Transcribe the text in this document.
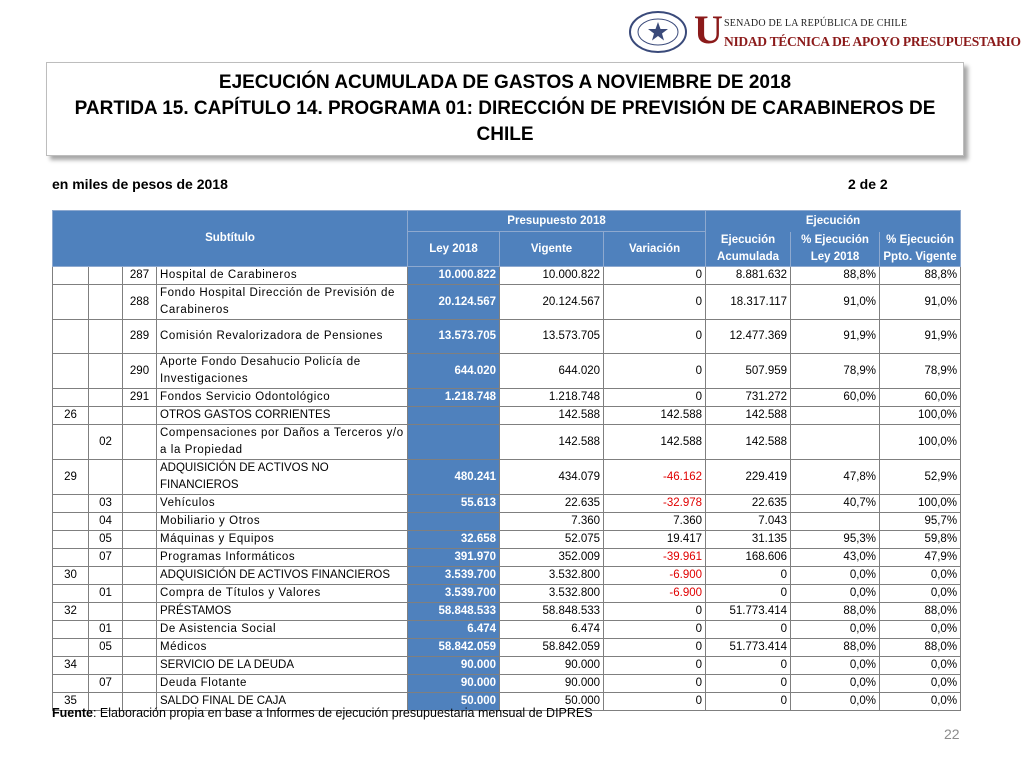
U SENADO DE LA REPÚBLICA DE CHILE
NIDAD TÉCNICA DE APOYO PRESUPUESTARIO
EJECUCIÓN ACUMULADA DE GASTOS A NOVIEMBRE DE 2018
PARTIDA 15. CAPÍTULO 14. PROGRAMA 01: DIRECCIÓN DE PREVISIÓN DE CARABINEROS DE
CHILE
en miles de pesos de 2018	2 de 2
Subtítulo				Presupuesto 2018			Ejecución		
				Ley 2018	Vigente	Variación	Ejecución	% Ejecución	% Ejecución
							Acumulada	Ley 2018	Ppto. Vigente
		287	Hospital de Carabineros	10.000.822	10.000.822	0	8.881.632	88,8%	88,8%
		288	Fondo Hospital Dirección de Previsión de Carabineros	20.124.567	20.124.567	0	18.317.117	91,0%	91,0%
		289	Comisión Revalorizadora de Pensiones	13.573.705	13.573.705	0	12.477.369	91,9%	91,9%
		290	Aporte Fondo Desahucio Policía de Investigaciones	644.020	644.020	0	507.959	78,9%	78,9%
		291	Fondos Servicio Odontológico	1.218.748	1.218.748	0	731.272	60,0%	60,0%
26			OTROS GASTOS CORRIENTES		142.588	142.588	142.588		100,0%
	02		Compensaciones por Daños a Terceros y/o a la Propiedad		142.588	142.588	142.588		100,0%
29			ADQUISICIÓN DE ACTIVOS NO FINANCIEROS	480.241	434.079	-46.162	229.419	47,8%	52,9%
	03		Vehículos	55.613	22.635	-32.978	22.635	40,7%	100,0%
	04		Mobiliario y Otros		7.360	7.360	7.043		95,7%
	05		Máquinas y Equipos	32.658	52.075	19.417	31.135	95,3%	59,8%
	07		Programas Informáticos	391.970	352.009	-39.961	168.606	43,0%	47,9%
30			ADQUISICIÓN DE ACTIVOS FINANCIEROS	3.539.700	3.532.800	-6.900	0	0,0%	0,0%
	01		Compra de Títulos y Valores	3.539.700	3.532.800	-6.900	0	0,0%	0,0%
32			PRÉSTAMOS	58.848.533	58.848.533	0	51.773.414	88,0%	88,0%
	01		De Asistencia Social	6.474	6.474	0	0	0,0%	0,0%
	05		Médicos	58.842.059	58.842.059	0	51.773.414	88,0%	88,0%
34			SERVICIO DE LA DEUDA	90.000	90.000	0	0	0,0%	0,0%
	07		Deuda Flotante	90.000	90.000	0	0	0,0%	0,0%
35			SALDO FINAL DE CAJA	50.000	50.000	0	0	0,0%	0,0%
Fuente: Elaboración propia en base a Informes de ejecución presupuestaria mensual de DIPRES
22
